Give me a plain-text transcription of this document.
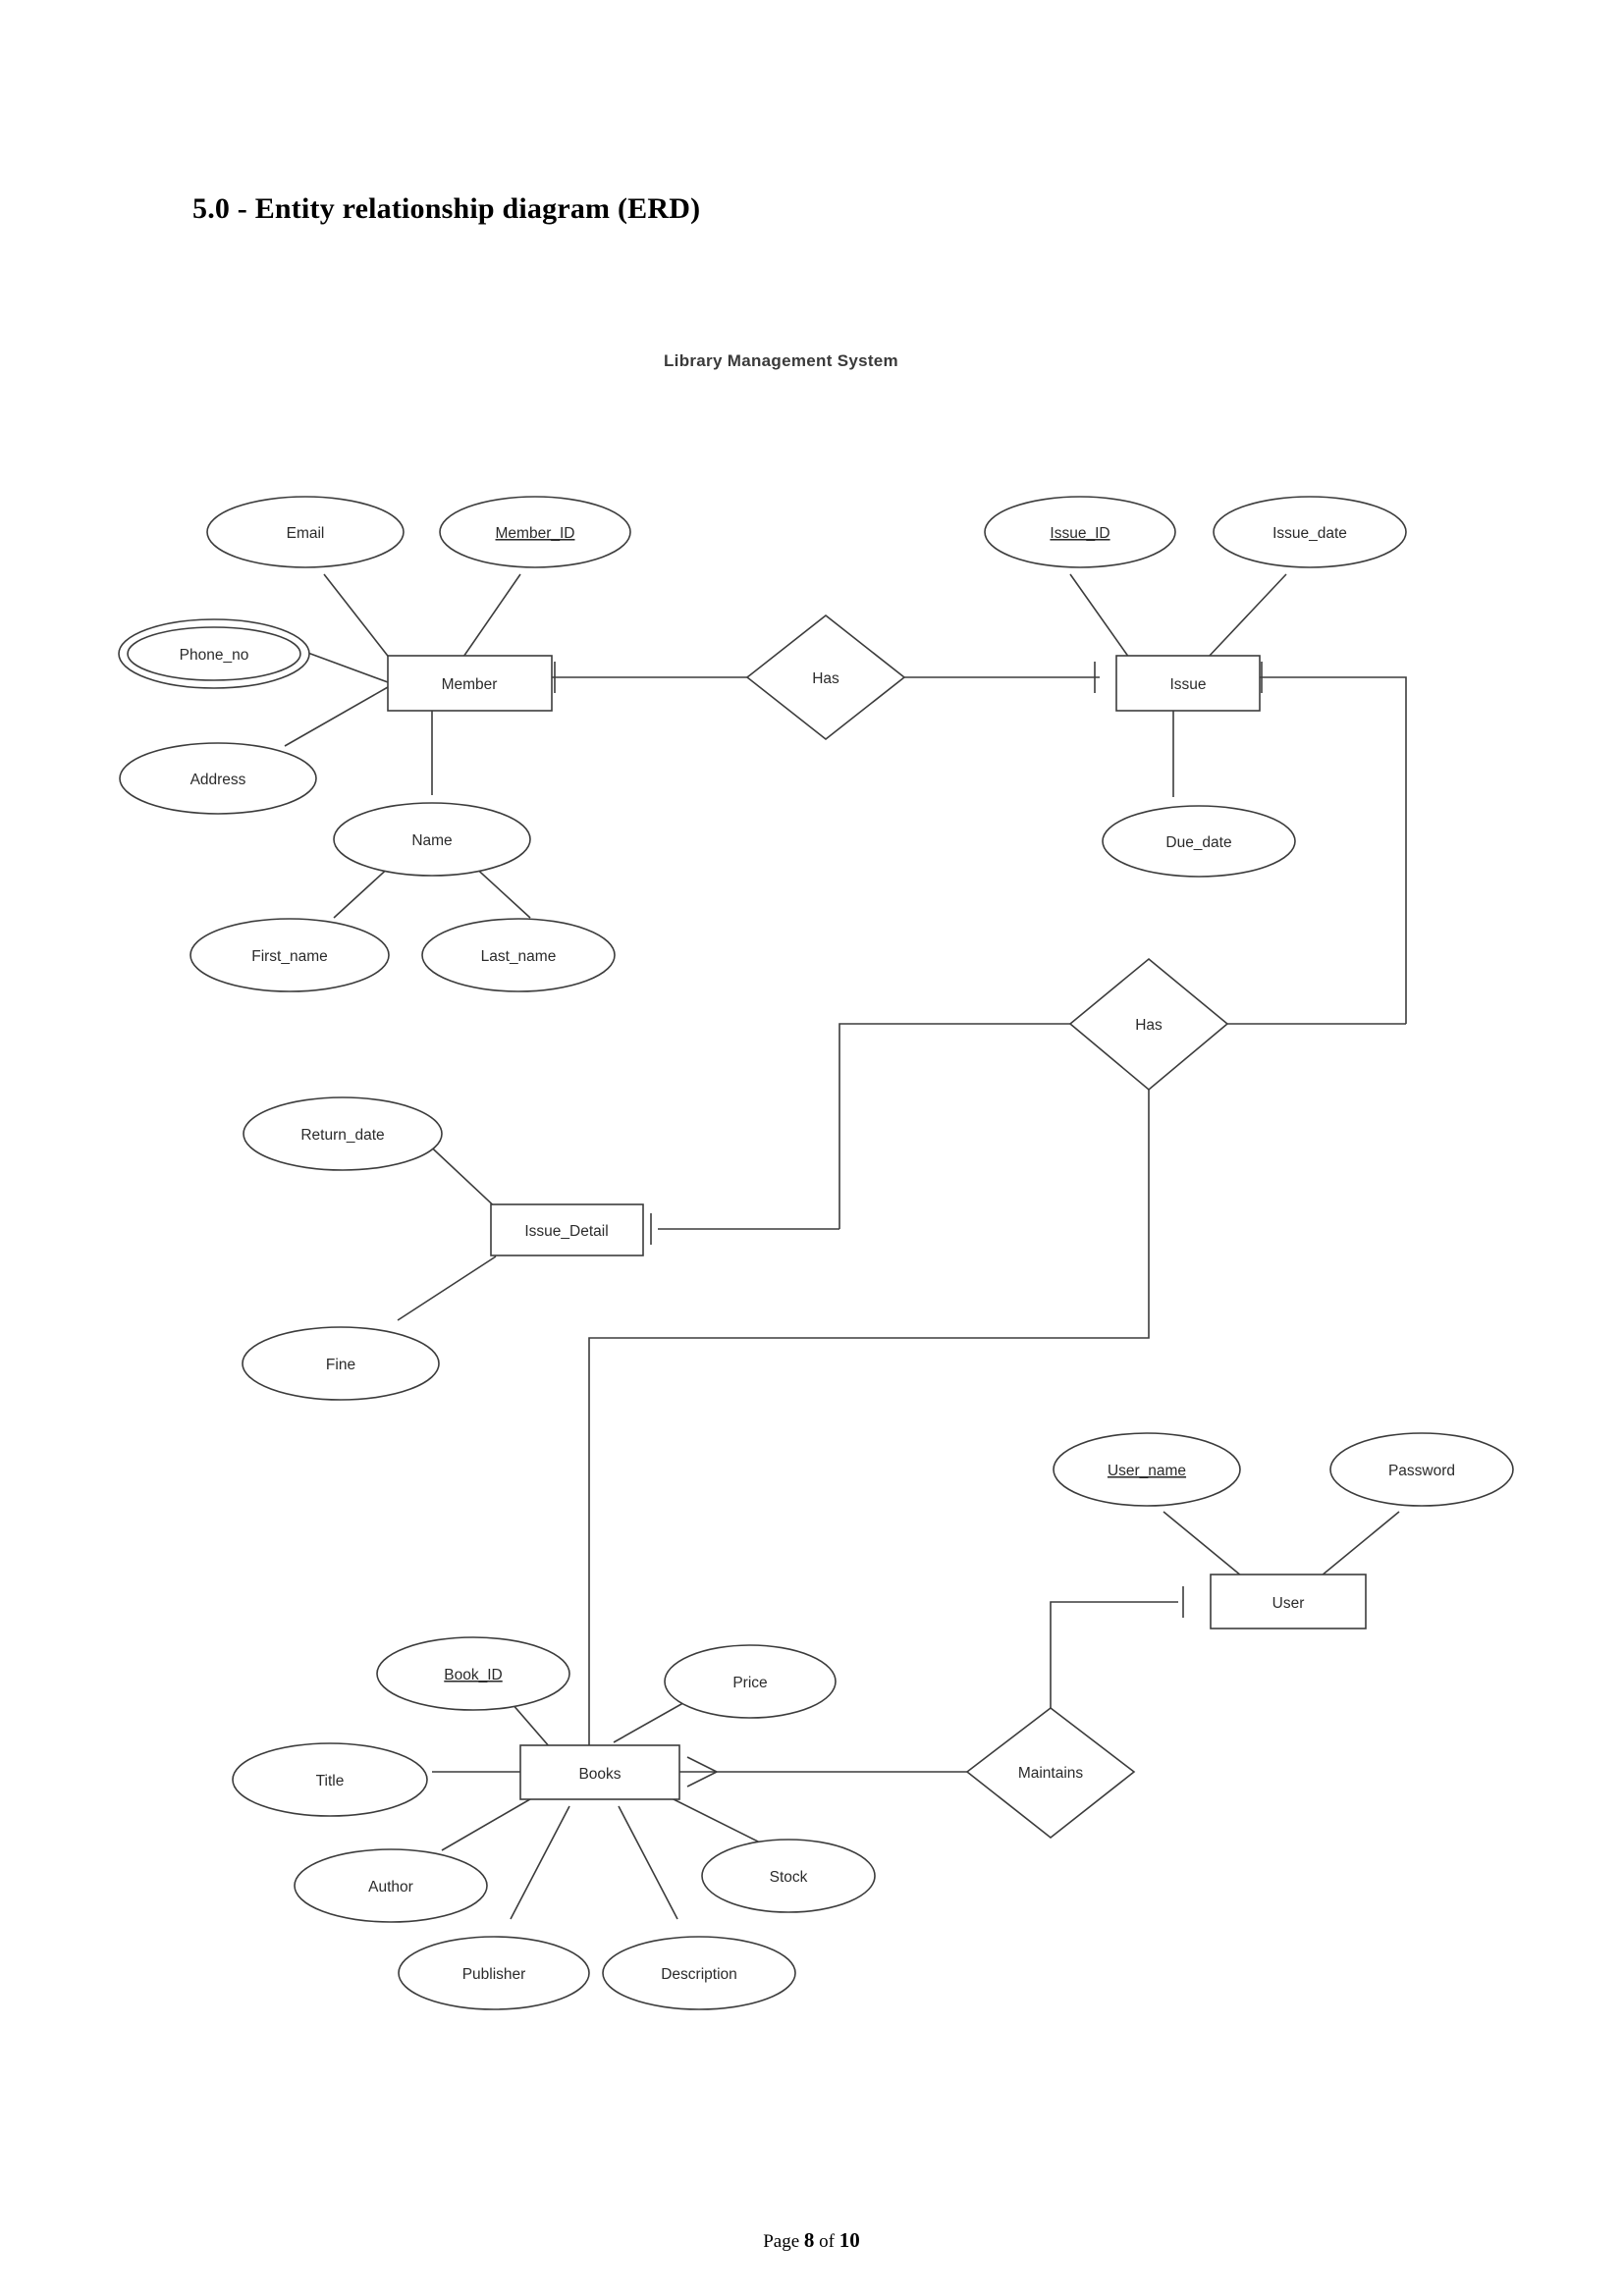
5.0 - Entity relationship diagram (ERD)
Library Management System
Email	Member_ID
Phone_no
Address
Name
First_name	Last_name
Issue_ID	Issue_date
Due_date
Return_date
Fine
User_name	Password
Book_ID	Price
Title
Author
Publisher	Description
Stock
Member	Issue
Issue_Detail
User
Books
Has
Has
Maintains
Page 8 of 10
